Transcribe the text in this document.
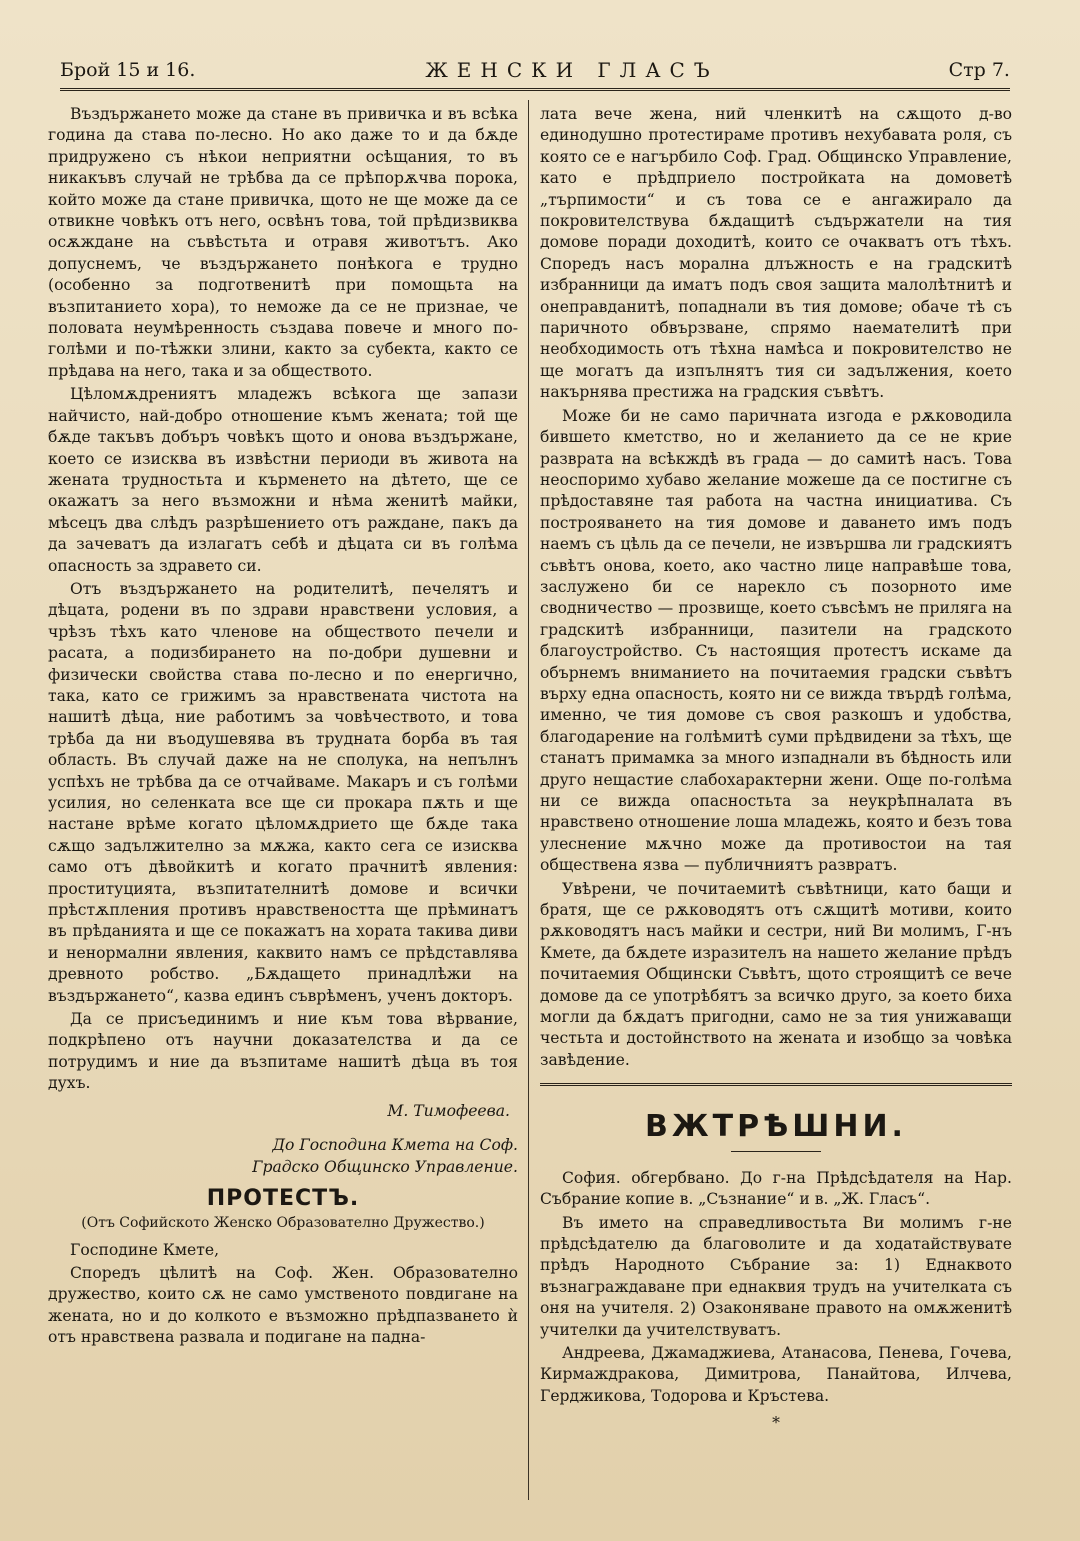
Брой 15 и 16.	ЖЕНСКИ ГЛАСЪ	Стр 7.

Въздържането може да стане въ привичка и въ всѣка година да става по-лесно. Но ако даже то и да бѫде придружено съ нѣкои неприятни осѣщания, то въ никакъвъ случай не трѣбва да се прѣпорѫчва порока, който може да стане привичка, щото не ще може да се отвикне човѣкъ отъ него, освѣнъ това, той прѣдизвиква осѫждане на съвѣстьта и отравя животътъ. Ако допуснемъ, че въздържането понѣкога е трудно (особенно за подготвенитѣ при помощьта на възпитанието хора), то неможе да се не признае, че половата неумѣренность създава повече и много по-голѣми и по-тѣжки злини, както за субекта, както се прѣдава на него, така и за обществото.

Цѣломѫдрениятъ младежъ всѣкога ще запази найчисто, най-добро отношение къмъ жената; той ще бѫде такъвъ добъръ човѣкъ щото и онова въздържане, което се изисква въ извѣстни периоди въ живота на жената трудностьта и кърменето на дѣтето, ще се окажатъ за него възможни и нѣма женитѣ майки, мѣсецъ два слѣдъ разрѣшението отъ раждане, пакъ да да зачеватъ да излагатъ себѣ и дѣцата си въ голѣма опасность за здравето си.

Отъ въздържането на родителитѣ, печелятъ и дѣцата, родени въ по здрави нравствени условия, а чрѣзъ тѣхъ като членове на обществото печели и расата, а подизбирането на по-добри душевни и физически свойства става по-лесно и по енергично, така, като се грижимъ за нравствената чистота на нашитѣ дѣца, ние работимъ за човѣчеството, и това трѣба да ни въодушевява въ трудната борба въ тая область. Въ случай даже на не сполука, на непълнъ успѣхъ не трѣбва да се отчайваме. Макаръ и съ голѣми усилия, но селенката все ще си прокара пѫть и ще настане врѣме когато цѣломѫдрието ще бѫде така сѫщо задължително за мѫжа, както сега се изисква само отъ дѣвойкитѣ и когато прачнитѣ явления: проституцията, възпитателнитѣ домове и всички прѣстѫпления противъ нравствеността ще прѣминатъ въ прѣданията и ще се покажатъ на хората такива диви и ненормални явления, каквито намъ се прѣдставлява древното робство. „Бѫдащето принадлѣжи на въздържането“, казва единъ съврѣменъ, ученъ докторъ.

Да се присъединимъ и ние към това вѣрвание, подкрѣпено отъ научни доказателства и да се потрудимъ и ние да възпитаме нашитѣ дѣца въ тоя духъ.

М. Тимофеева.
До Господина Кмета на Соф.
Градско Общинско Управление.
ПРОТЕСТЪ.
(Отъ Софийското Женско Образователно Дружество.)

Господине Кмете,

Споредъ цѣлитѣ на Соф. Жен. Образователно дружество, които сѫ не само умственото повдигане на жената, но и до колкото е възможно прѣдпазването ѝ отъ нравствена развала и подигане на падна-

лата вече жена, ний членкитѣ на сѫщото д-во единодушно протестираме противъ нехубавата роля, съ която се е нагърбило Соф. Град. Общинско Управление, като е прѣдприело постройката на домоветѣ „търпимости“ и съ това се е ангажирало да покровителствува бѫдащитѣ съдържатели на тия домове поради доходитѣ, които се очакватъ отъ тѣхъ. Споредъ насъ морална длъжность е на градскитѣ избранници да иматъ подъ своя защита малолѣтнитѣ и онеправданитѣ, попаднали въ тия домове; обаче тѣ съ паричното обвързване, спрямо наемателитѣ при необходимость отъ тѣхна намѣса и покровителство не ще могатъ да изпълнятъ тия си задължения, което накърнява престижа на градския съвѣтъ.

Може би не само паричната изгода е рѫководила бившето кметство, но и желанието да се не крие разврата на всѣкждѣ въ града — до самитѣ насъ. Това неоспоримо хубаво желание можеше да се постигне съ прѣдоставяне тая работа на частна инициатива. Съ построяването на тия домове и даването имъ подъ наемъ съ цѣль да се печели, не извършва ли градскиятъ съвѣтъ онова, което, ако частно лице направѣше това, заслужено би се нарекло съ позорното име сводничество — прозвище, което съвсѣмъ не приляга на градскитѣ избранници, пазители на градското благоустройство. Съ настоящия протестъ искаме да обърнемъ вниманието на почитаемия градски съвѣтъ върху една опасность, която ни се вижда твърдѣ голѣма, именно, че тия домове съ своя разкошъ и удобства, благодарение на голѣмитѣ суми прѣдвидени за тѣхъ, ще станатъ примамка за много изпаднали въ бѣдность или друго нещастие слабохарактерни жени. Още по-голѣма ни се вижда опасностьта за неукрѣпналата въ нравствено отношение лоша младежь, която и безъ това улеснение мѫчно може да противостои на тая обществена язва — публичниятъ развратъ.

Увѣрени, че почитаемитѣ съвѣтници, като бащи и братя, ще се рѫководятъ отъ сѫщитѣ мотиви, които рѫководятъ насъ майки и сестри, ний Ви молимъ, Г-нъ Кмете, да бѫдете изразителъ на нашето желание прѣдъ почитаемия Общински Съвѣтъ, щото строящитѣ се вече домове да се употрѣбятъ за всичко друго, за което биха могли да бѫдатъ пригодни, само не за тия унижаващи честьта и достойнството на жената и изобщо за човѣка завѣдение.

ВЖТРѢШНИ.

София. обгербвано. До г-на Прѣдсѣдателя на Нар. Събрание копие в. „Съзнание“ и в. „Ж. Гласъ“.

Въ името на справедливостьта Ви молимъ г-не прѣдсѣдателю да благоволите и да ходатайствувате прѣдъ Народното Събрание за: 1) Еднаквото възнаграждаване при еднаквия трудъ на учителката съ оня на учителя. 2) Озаконяване правото на омѫженитѣ учителки да учителствуватъ.

Андреева, Джамаджиева, Атанасова, Пенева, Гочева, Кирмаждракова, Димитрова, Панайтова, Илчева, Герджикова, Тодорова и Кръстева.

*
